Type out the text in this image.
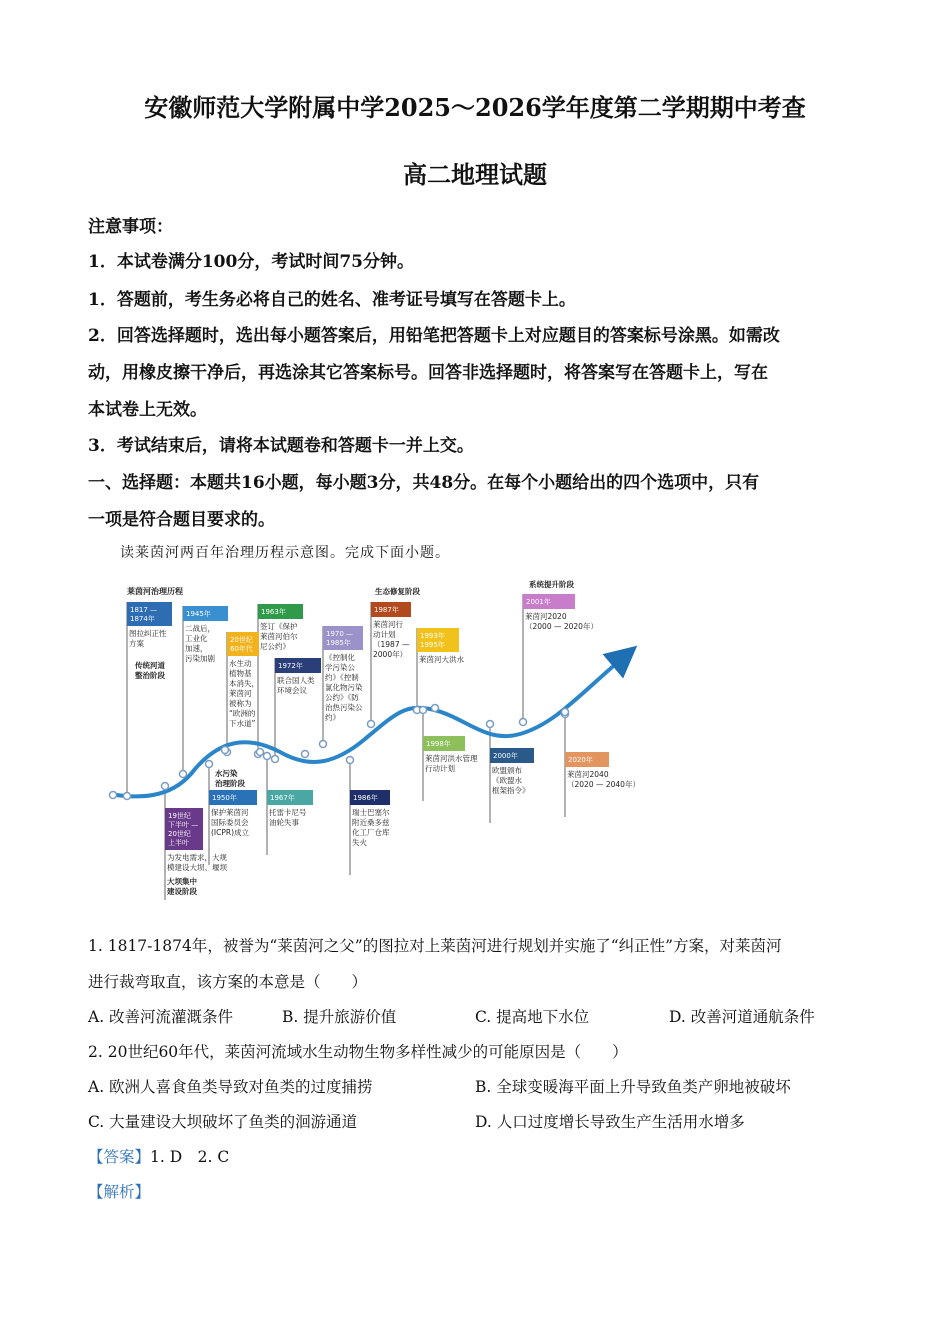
安徽师范大学附属中学2025～2026学年度第二学期期中考查
高二地理试题
注意事项：
1．本试卷满分100分，考试时间75分钟。
1．答题前，考生务必将自己的姓名、准考证号填写在答题卡上。
2．回答选择题时，选出每小题答案后，用铅笔把答题卡上对应题目的答案标号涂黑。如需改
动，用橡皮擦干净后，再选涂其它答案标号。回答非选择题时，将答案写在答题卡上，写在
本试卷上无效。
3．考试结束后，请将本试题卷和答题卡一并上交。
一、选择题：本题共16小题，每小题3分，共48分。在每个小题给出的四个选项中，只有
一项是符合题目要求的。
读莱茵河两百年治理历程示意图。完成下面小题。
1817 —
1874年
图拉纠正性
方案
1945年
二战后，
工业化
加速，
污染加剧
20世纪
60年代
水生动
植物基
本消失，
莱茵河
被称为
“欧洲的
下水道”
1963年
签订《保护
莱茵河伯尔
尼公约》
1972年
联合国人类
环境会议
1970 —
1985年
《控制化
学污染公
约》《控制
氯化物污染
公约》《防
治热污染公
约》
1987年
莱茵河行
动计划
（1987 —
2000年）
1993年
1995年
莱茵河大洪水
2001年
莱茵河2020
（2000 — 2020年）
19世纪
下半叶 —
20世纪
上半叶
为发电需求，大规
模建设大坝、堰坝
1950年
保护莱茵河
国际委员会
(ICPR)成立
1967年
托雷卡尼号
油轮失事
1986年
瑞士巴塞尔
附近桑多兹
化工厂仓库
失火
1998年
莱茵河洪水管理
行动计划
2000年
欧盟颁布
《欧盟水
框架指令》
2020年
莱茵河2040
（2020 — 2040年）
莱茵河治理历程
传统河道
整治阶段
大坝集中
建设阶段
水污染
治理阶段
生态修复阶段
系统提升阶段
1. 1817-1874年，被誉为“莱茵河之父”的图拉对上莱茵河进行规划并实施了“纠正性”方案，对莱茵河
进行裁弯取直，该方案的本意是（　　）
A. 改善河流灌溉条件	B. 提升旅游价值	C. 提高地下水位	D. 改善河道通航条件
2. 20世纪60年代，莱茵河流域水生动物生物多样性减少的可能原因是（　　）
A. 欧洲人喜食鱼类导致对鱼类的过度捕捞	B. 全球变暖海平面上升导致鱼类产卵地被破坏
C. 大量建设大坝破坏了鱼类的洄游通道	D. 人口过度增长导致生产生活用水增多
【答案】1. D　2. C
【解析】
